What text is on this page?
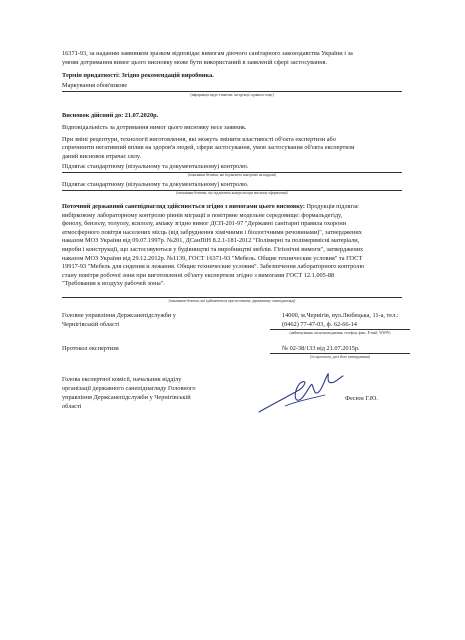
16371-93, за наданим заявником зразком відповідає вимогам діючого санітарного законодавства України і за
умови дотримання вимог цього висновку може бути використаний в заявленій сфері застосування.
Термін придатності: Згідно рекомендацій виробника.
Маркування обов'язкове
(інформація щодо етикетки, інструкції, правила тощо)
Висновок дійсний до: 21.07.2020р.
Відповідальність за дотримання вимог цього висновку несе заявник.
При зміні рецептури, технології виготовлення, які можуть змінити властивості об'єкта експертизи або
спричинити негативний вплив на здоров'я людей, сфери застосування, умов застосування об'єкта експертизи
даний висновок втрачає силу.
Підлягає стандартному (візуальному та документальному) контролю.
(показники безпеки, які підлягають контролю на кордоні)
Підлягає стандартному (візуальному та документальному) контролю.
(показники безпеки, що підлягають контролю при митному оформленні)
Поточний державний санепіднагляд здійснюється згідно з вимогами цього висновку: Продукція підлягає
вибірковому лабораторному контролю рівнів міграції в повітряне модельне середовище: формальдегіду,
фенолу, бензолу, толуолу, ксилолу, аміаку згідно вимог ДСП-201-97 "Державні санітарні правила охорони
атмосферного повітря населених місць (від забруднення хімічними і біологічними речовинами)", затверджених
наказом МОЗ України від 09.07.1997р. №201, ДСанПіН 8.2.1-181-2012 "Полімерні та полімервмісні матеріали,
вироби і конструкції, що застосовуються у будівництві та виробництві меблів. Гігієнічні вимоги", затверджених
наказом МОЗ України від 29.12.2012р. №1139, ГОСТ 16371-93 "Мебель. Общие технические условия" та ГОСТ
19917-93 "Мебель для сидения и лежания. Общие технические условия". Забезпечення лабораторного контролю
стану повітря робочої зони при виготовленні об'єкту експертизи згідно з вимогами ГОСТ 12.1.005-88
"Требования к воздуху рабочей зоны".
(показники безпеки, які здійснюються при поточному державному санепіднагляді)
Головне управління Держсанепідслужби у
Чернігівській області
14000, м.Чернігів, вул.Любецька, 11-а, тел.:
(0462) 77-47-03, ф. 62-66-14
(найменування, місцезнаходження, телефон, факс, E-mail, WWW)
Протокол експертизи	№ 02-38/133 від 21.07.2015р.
(№ протоколу, дата його затвердження)
Голова експертної комісії, начальник відділу
організації державного санепіднагляду Головного
управління Держсанепідслужби у Чернігівській
області
Фесюн Г.Ю.
